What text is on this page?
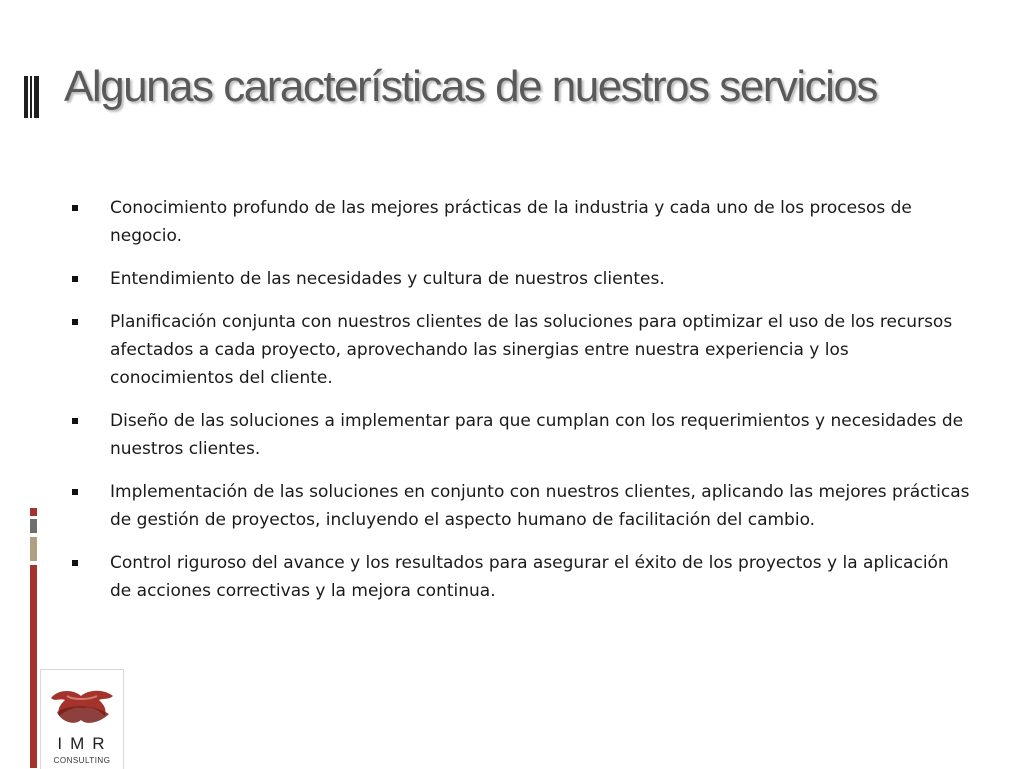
Algunas características de nuestros servicios
Conocimiento profundo de las mejores prácticas de la industria y cada uno de los procesos de negocio.
Entendimiento de las necesidades y cultura de nuestros clientes.
Planificación conjunta con nuestros clientes de las soluciones para optimizar el uso de los recursos afectados a cada proyecto, aprovechando las sinergias entre nuestra experiencia y los conocimientos del cliente.
Diseño de las soluciones a implementar para que cumplan con los requerimientos y necesidades de nuestros clientes.
Implementación de las soluciones en conjunto con nuestros clientes, aplicando las mejores prácticas de gestión de proyectos, incluyendo el aspecto humano de facilitación del cambio.
Control riguroso del avance y los resultados para asegurar el éxito de los proyectos y la aplicación de acciones correctivas y la mejora continua.
IMR
CONSULTING
